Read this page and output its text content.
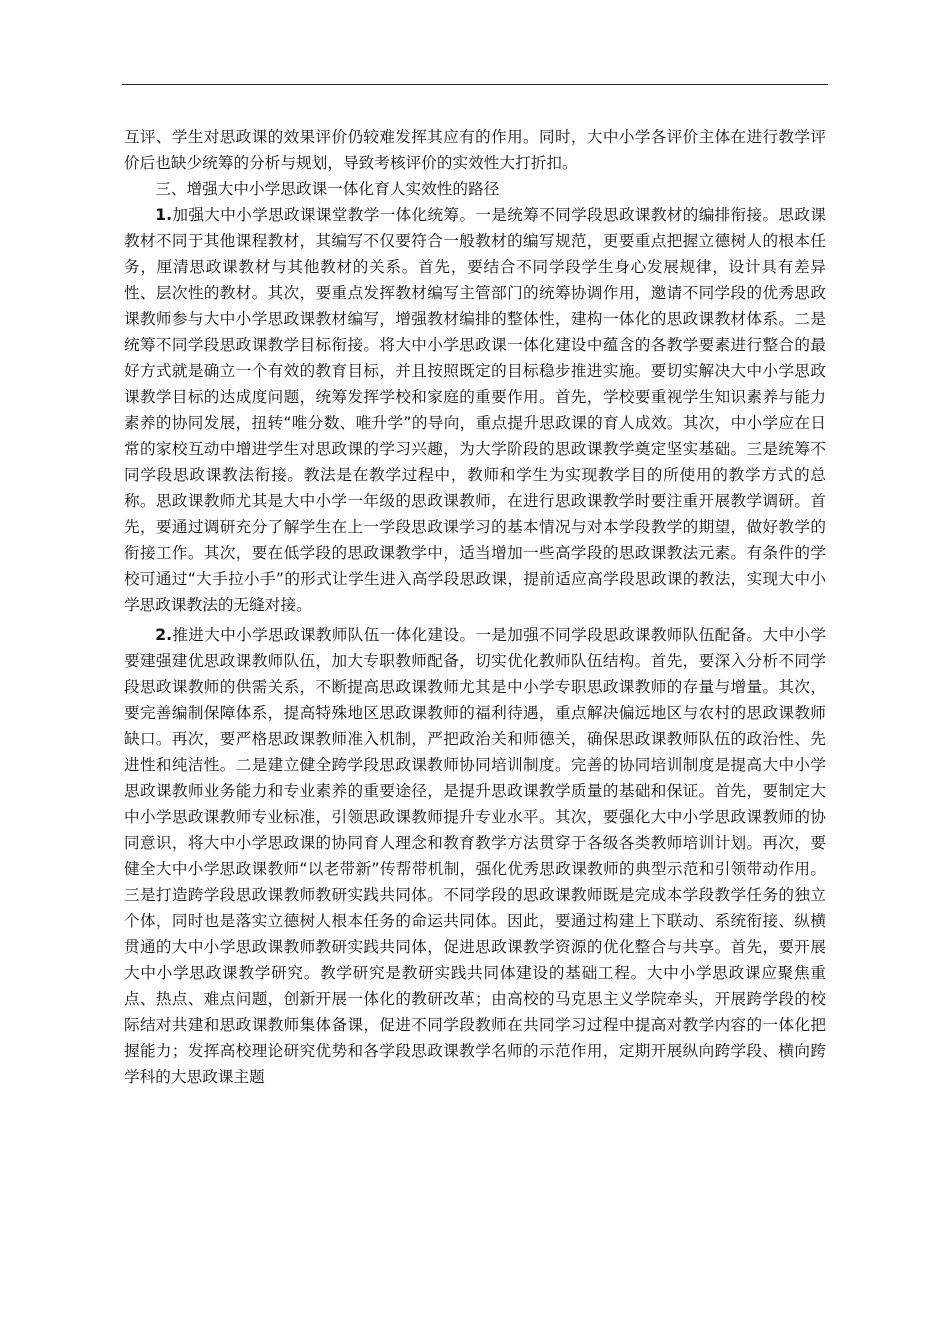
互评、学生对思政课的效果评价仍较难发挥其应有的作用。同时，大中小学各评价主体在进行教学评价后也缺少统筹的分析与规划，导致考核评价的实效性大打折扣。

三、增强大中小学思政课一体化育人实效性的路径

1.加强大中小学思政课课堂教学一体化统筹。一是统筹不同学段思政课教材的编排衔接。思政课教材不同于其他课程教材，其编写不仅要符合一般教材的编写规范，更要重点把握立德树人的根本任务，厘清思政课教材与其他教材的关系。首先，要结合不同学段学生身心发展规律，设计具有差异性、层次性的教材。其次，要重点发挥教材编写主管部门的统筹协调作用，邀请不同学段的优秀思政课教师参与大中小学思政课教材编写，增强教材编排的整体性，建构一体化的思政课教材体系。二是统筹不同学段思政课教学目标衔接。将大中小学思政课一体化建设中蕴含的各教学要素进行整合的最好方式就是确立一个有效的教育目标，并且按照既定的目标稳步推进实施。要切实解决大中小学思政课教学目标的达成度问题，统筹发挥学校和家庭的重要作用。首先，学校要重视学生知识素养与能力素养的协同发展，扭转“唯分数、唯升学”的导向，重点提升思政课的育人成效。其次，中小学应在日常的家校互动中增进学生对思政课的学习兴趣，为大学阶段的思政课教学奠定坚实基础。三是统筹不同学段思政课教法衔接。教法是在教学过程中，教师和学生为实现教学目的所使用的教学方式的总称。思政课教师尤其是大中小学一年级的思政课教师，在进行思政课教学时要注重开展教学调研。首先，要通过调研充分了解学生在上一学段思政课学习的基本情况与对本学段教学的期望，做好教学的衔接工作。其次，要在低学段的思政课教学中，适当增加一些高学段的思政课教法元素。有条件的学校可通过“大手拉小手”的形式让学生进入高学段思政课，提前适应高学段思政课的教法，实现大中小学思政课教法的无缝对接。

2.推进大中小学思政课教师队伍一体化建设。一是加强不同学段思政课教师队伍配备。大中小学要建强建优思政课教师队伍，加大专职教师配备，切实优化教师队伍结构。首先，要深入分析不同学段思政课教师的供需关系，不断提高思政课教师尤其是中小学专职思政课教师的存量与增量。其次，要完善编制保障体系，提高特殊地区思政课教师的福利待遇，重点解决偏远地区与农村的思政课教师缺口。再次，要严格思政课教师准入机制，严把政治关和师德关，确保思政课教师队伍的政治性、先进性和纯洁性。二是建立健全跨学段思政课教师协同培训制度。完善的协同培训制度是提高大中小学思政课教师业务能力和专业素养的重要途径，是提升思政课教学质量的基础和保证。首先，要制定大中小学思政课教师专业标准，引领思政课教师提升专业水平。其次，要强化大中小学思政课教师的协同意识，将大中小学思政课的协同育人理念和教育教学方法贯穿于各级各类教师培训计划。再次，要健全大中小学思政课教师“以老带新”传帮带机制，强化优秀思政课教师的典型示范和引领带动作用。三是打造跨学段思政课教师教研实践共同体。不同学段的思政课教师既是完成本学段教学任务的独立个体，同时也是落实立德树人根本任务的命运共同体。因此，要通过构建上下联动、系统衔接、纵横贯通的大中小学思政课教师教研实践共同体，促进思政课教学资源的优化整合与共享。首先，要开展大中小学思政课教学研究。教学研究是教研实践共同体建设的基础工程。大中小学思政课应聚焦重点、热点、难点问题，创新开展一体化的教研改革；由高校的马克思主义学院牵头，开展跨学段的校际结对共建和思政课教师集体备课，促进不同学段教师在共同学习过程中提高对教学内容的一体化把握能力；发挥高校理论研究优势和各学段思政课教学名师的示范作用，定期开展纵向跨学段、横向跨学科的大思政课主题
